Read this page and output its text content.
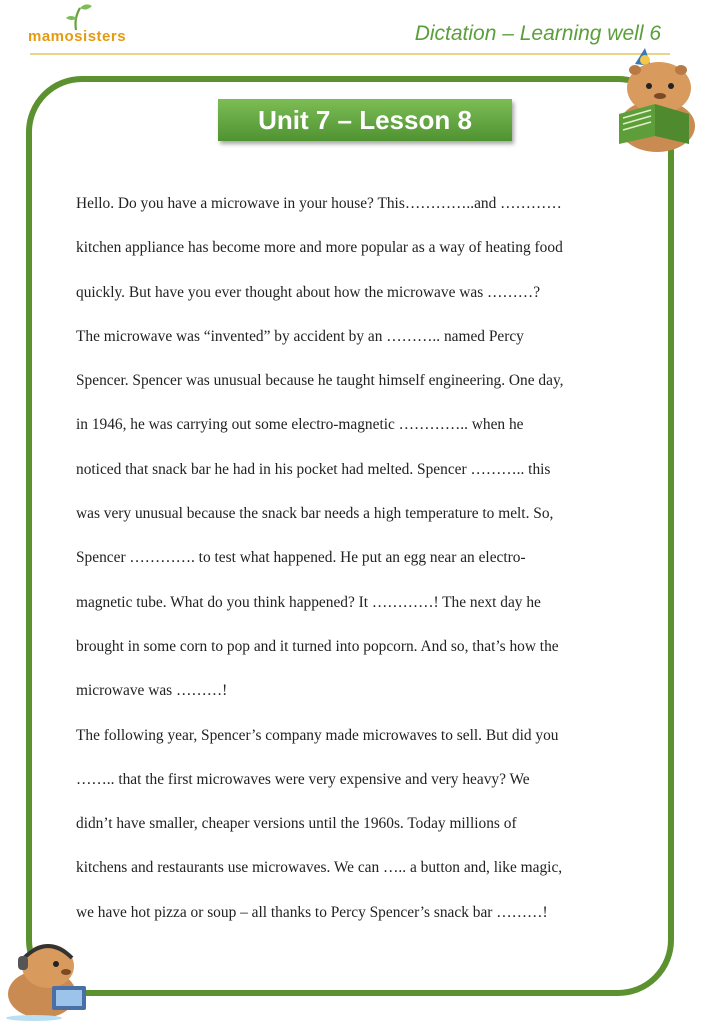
mamosisters	Dictation – Learning well 6
Unit 7 – Lesson 8
Hello. Do you have a microwave in your house? This…………..and …………
kitchen appliance has become more and more popular as a way of heating food
quickly. But have you ever thought about how the microwave was ………?
The microwave was “invented” by accident by an ……….. named Percy
Spencer. Spencer was unusual because he taught himself engineering. One day,
in 1946, he was carrying out some electro-magnetic ………….. when he
noticed that snack bar he had in his pocket had melted. Spencer ……….. this
was very unusual because the snack bar needs a high temperature to melt. So,
Spencer …………. to test what happened. He put an egg near an electro-
magnetic tube. What do you think happened? It …………! The next day he
brought in some corn to pop and it turned into popcorn. And so, that’s how the
microwave was ………!
The following year, Spencer’s company made microwaves to sell. But did you
…….. that the first microwaves were very expensive and very heavy? We
didn’t have smaller, cheaper versions until the 1960s. Today millions of
kitchens and restaurants use microwaves. We can ….. a button and, like magic,
we have hot pizza or soup – all thanks to Percy Spencer’s snack bar ………!
